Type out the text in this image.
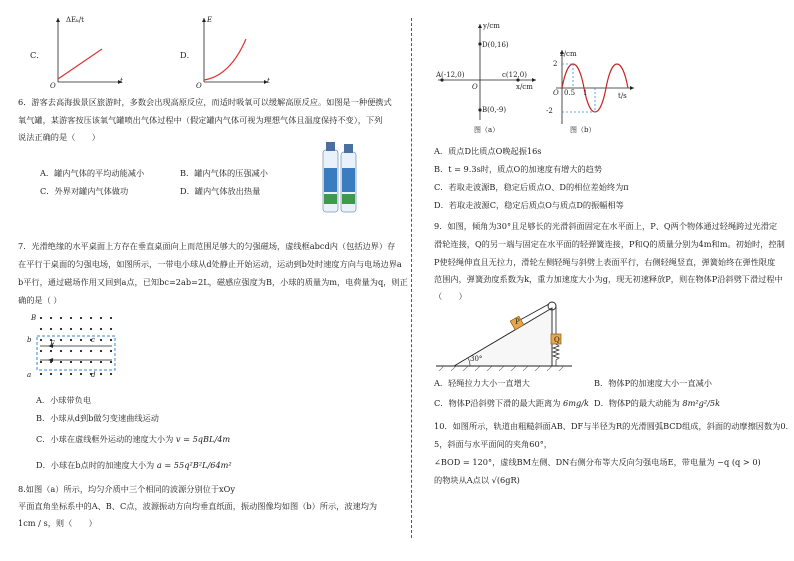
C．
ΔEₖ/t
O
t
D．
E
O
t
6．游客去高海拔景区旅游时，多数会出现高原反应，而适时吸氧可以缓解高原反应。如图是一种便携式
氧气罐，某游客按压该氧气罐喷出气体过程中（假定罐内气体可视为理想气体且温度保持不变），下列
说法正确的是（　　）
A．罐内气体的平均动能减小	B．罐内气体的压强减小
C．外界对罐内气体做功	D．罐内气体放出热量
7．光滑绝缘的水平桌面上方存在垂直桌面向上而范围足够大的匀强磁场，虚线框abcd内（包括边界）存
在平行于桌面的匀强电场，如图所示，一带电小球从d处静止开始运动，运动到b处时速度方向与电场边界a
b平行，通过磁场作用又回到a点，已知bc=2ab=2L，磁感应强度为B，小球的质量为m，电荷量为q，则正
确的是（ ）
B
b	c
a	d
E
A．小球带负电
B．小球从d到b做匀变速曲线运动
C．小球在虚线框外运动的速度大小为 v = 5qBL/4m
D．小球在b点时的加速度大小为 a = 55q²B²L/64m²
8.如图（a）所示，均匀介质中三个相同的波源分别位于xOy
平面直角坐标系中的A、B、C点，波源振动方向均垂直纸面，振动图像均如图（b）所示，波速均为
1cm / s，则（　　）
y/cm
D(0,16)
A(-12,0)	c(12,0)
O	x/cm
B(0,-9)
图（a）
z/cm
2
O 0.5 1	t/s
-2
图（b）
A．质点D比质点O晚起振16s
B．t = 9.3s时，质点O的加速度有增大的趋势
C．若取走波源B，稳定后质点O、D的相位差始终为π
D．若取走波源C，稳定后质点O与质点D的振幅相等
9．如图，倾角为30°且足够长的光滑斜面固定在水平面上，P、Q两个物体通过轻绳跨过光滑定
滑轮连接，Q的另一端与固定在水平面的轻弹簧连接，P和Q的质量分别为4m和m。初始时，控制
P使轻绳伸直且无拉力，滑轮左侧轻绳与斜劈上表面平行，右侧轻绳竖直，弹簧始终在弹性限度
范围内，弹簧劲度系数为k，重力加速度大小为g，现无初速释放P，则在物体P沿斜劈下滑过程中
（　　）
P
Q
30°
A．轻绳拉力大小一直增大	B．物体P的加速度大小一直减小
C．物体P沿斜劈下滑的最大距离为 6mg/k D．物体P的最大动能为 8m²g²/5k
10．如图所示，轨道由粗糙斜面AB、DF与半径为R的光滑圆弧BCD组成，斜面的动摩擦因数为0.
5，斜面与水平面间的夹角60°，
∠BOD = 120°，虚线BM左侧、DN右侧分布等大反向匀强电场E，带电量为 −q (q > 0)
的物块从A点以 √(6gR)
